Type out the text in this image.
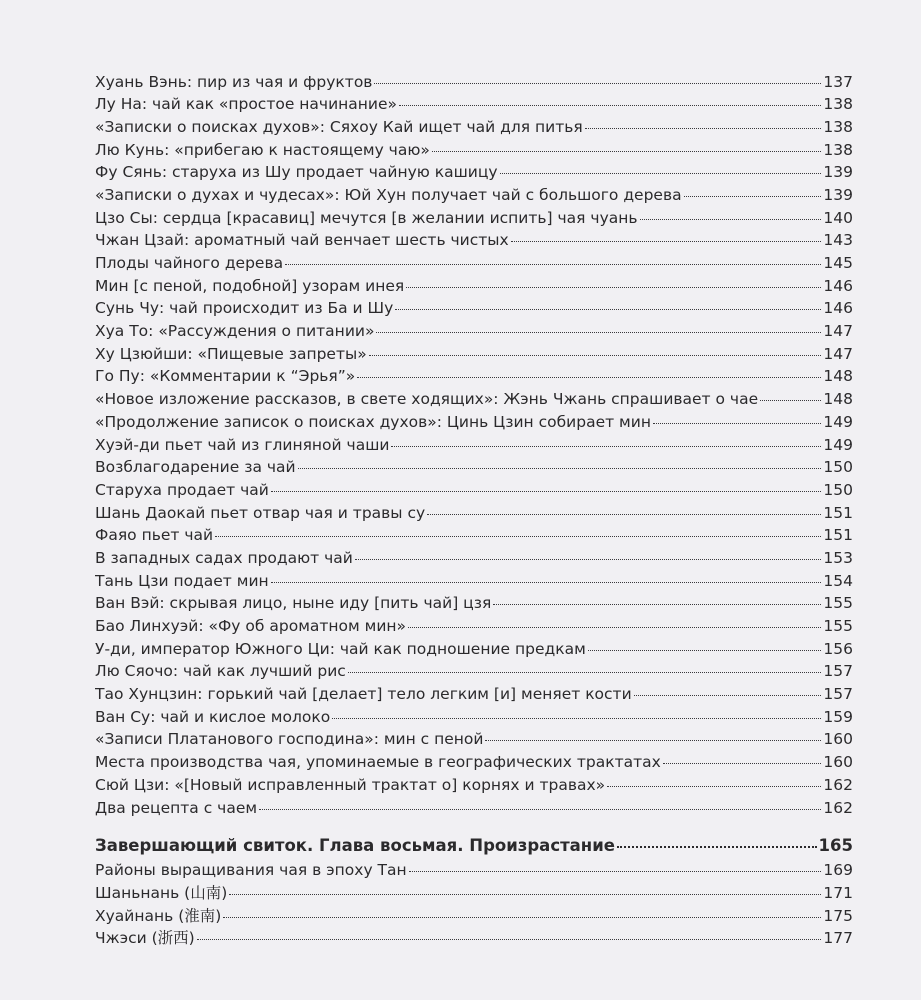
Хуань Вэнь: пир из чая и фруктов	137
Лу На: чай как «простое начинание»	138
«Записки о поисках духов»: Сяхоу Кай ищет чай для питья	138
Лю Кунь: «прибегаю к настоящему чаю»	138
Фу Сянь: старуха из Шу продает чайную кашицу	139
«Записки о духах и чудесах»: Юй Хун получает чай с большого дерева	139
Цзо Сы: сердца [красавиц] мечутся [в желании испить] чая чуань	140
Чжан Цзай: ароматный чай венчает шесть чистых	143
Плоды чайного дерева	145
Мин [с пеной, подобной] узорам инея	146
Сунь Чу: чай происходит из Ба и Шу	146
Хуа То: «Рассуждения о питании»	147
Ху Цзюйши: «Пищевые запреты»	147
Го Пу: «Комментарии к “Эрья”»	148
«Новое изложение рассказов, в свете ходящих»: Жэнь Чжань спрашивает о чае	148
«Продолжение записок о поисках духов»: Цинь Цзин собирает мин	149
Хуэй-ди пьет чай из глиняной чаши	149
Возблагодарение за чай	150
Старуха продает чай	150
Шань Даокай пьет отвар чая и травы су	151
Фаяо пьет чай	151
В западных садах продают чай	153
Тань Цзи подает мин	154
Ван Вэй: скрывая лицо, ныне иду [пить чай] цзя	155
Бао Линхуэй: «Фу об ароматном мин»	155
У-ди, император Южного Ци: чай как подношение предкам	156
Лю Сяочо: чай как лучший рис	157
Тао Хунцзин: горький чай [делает] тело легким [и] меняет кости	157
Ван Су: чай и кислое молоко	159
«Записи Платанового господина»: мин с пеной	160
Места производства чая, упоминаемые в географических трактатах	160
Сюй Цзи: «[Новый исправленный трактат о] корнях и травах»	162
Два рецепта с чаем	162
Завершающий свиток. Глава восьмая. Произрастание	165
Районы выращивания чая в эпоху Тан	169
Шаньнань (山南)	171
Хуайнань (淮南)	175
Чжэси (浙西)	177
